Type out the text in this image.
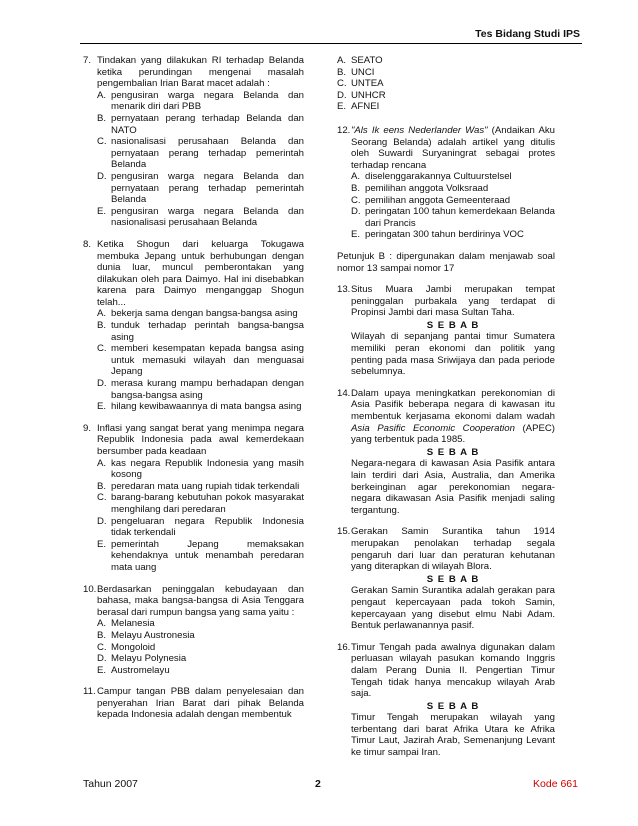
Tes Bidang Studi IPS
7. Tindakan yang dilakukan RI terhadap Belanda ketika perundingan mengenai masalah pengembalian Irian Barat macet adalah :
A. pengusiran warga negara Belanda dan menarik diri dari PBB
B. pernyataan perang terhadap Belanda dan NATO
C. nasionalisasi perusahaan Belanda dan pernyataan perang terhadap pemerintah Belanda
D. pengusiran warga negara Belanda dan pernyataan perang terhadap pemerintah Belanda
E. pengusiran warga negara Belanda dan nasionalisasi perusahaan Belanda
8. Ketika Shogun dari keluarga Tokugawa membuka Jepang untuk berhubungan dengan dunia luar, muncul pemberontakan yang dilakukan oleh para Daimyo. Hal ini disebabkan karena para Daimyo menganggap Shogun telah...
A. bekerja sama dengan bangsa-bangsa asing
B. tunduk terhadap perintah bangsa-bangsa asing
C. memberi kesempatan kepada bangsa asing untuk memasuki wilayah dan menguasai Jepang
D. merasa kurang mampu berhadapan dengan bangsa-bangsa asing
E. hilang kewibawaannya di mata bangsa asing
9. Inflasi yang sangat berat yang menimpa negara Republik Indonesia pada awal kemerdekaan bersumber pada keadaan
A. kas negara Republik Indonesia yang masih kosong
B. peredaran mata uang rupiah tidak terkendali
C. barang-barang kebutuhan pokok masyarakat menghilang dari peredaran
D. pengeluaran negara Republik Indonesia tidak terkendali
E. pemerintah Jepang memaksakan kehendaknya untuk menambah peredaran mata uang
10. Berdasarkan peninggalan kebudayaan dan bahasa, maka bangsa-bangsa di Asia Tenggara berasal dari rumpun bangsa yang sama yaitu :
A. Melanesia
B. Melayu Austronesia
C. Mongoloid
D. Melayu Polynesia
E. Austromelayu
11. Campur tangan PBB dalam penyelesaian dan penyerahan Irian Barat dari pihak Belanda kepada Indonesia adalah dengan membentuk
A. SEATO
B. UNCI
C. UNTEA
D. UNHCR
E. AFNEI
12. "Als Ik eens Nederlander Was" (Andaikan Aku Seorang Belanda) adalah artikel yang ditulis oleh Suwardi Suryaningrat sebagai protes terhadap rencana
A. diselenggarakannya Cultuurstelsel
B. pemilihan anggota Volksraad
C. pemilihan anggota Gemeenteraad
D. peringatan 100 tahun kemerdekaan Belanda dari Prancis
E. peringatan 300 tahun berdirinya VOC
Petunjuk B : dipergunakan dalam menjawab soal nomor 13 sampai nomor 17
13. Situs Muara Jambi merupakan tempat peninggalan purbakala yang terdapat di Propinsi Jambi dari masa Sultan Taha.
S E B A B
Wilayah di sepanjang pantai timur Sumatera memiliki peran ekonomi dan politik yang penting pada masa Sriwijaya dan pada periode sebelumnya.
14. Dalam upaya meningkatkan perekonomian di Asia Pasifik beberapa negara di kawasan itu membentuk kerjasama ekonomi dalam wadah Asia Pasific Economic Cooperation (APEC) yang terbentuk pada 1985.
S E B A B
Negara-negara di kawasan Asia Pasifik antara lain terdiri dari Asia, Australia, dan Amerika berkeinginan agar perekonomian negara-negara dikawasan Asia Pasifik menjadi saling tergantung.
15. Gerakan Samin Surantika tahun 1914 merupakan penolakan terhadap segala pengaruh dari luar dan peraturan kehutanan yang diterapkan di wilayah Blora.
S E B A B
Gerakan Samin Surantika adalah gerakan para pengaut kepercayaan pada tokoh Samin, kepercayaan yang disebut elmu Nabi Adam. Bentuk perlawanannya pasif.
16. Timur Tengah pada awalnya digunakan dalam perluasan wilayah pasukan komando Inggris dalam Perang Dunia II. Pengertian Timur Tengah tidak hanya mencakup wilayah Arab saja.
S E B A B
Timur Tengah merupakan wilayah yang terbentang dari barat Afrika Utara ke Afrika Timur Laut, Jazirah Arab, Semenanjung Levant ke timur sampai Iran.
Tahun 2007	2	Kode 661
